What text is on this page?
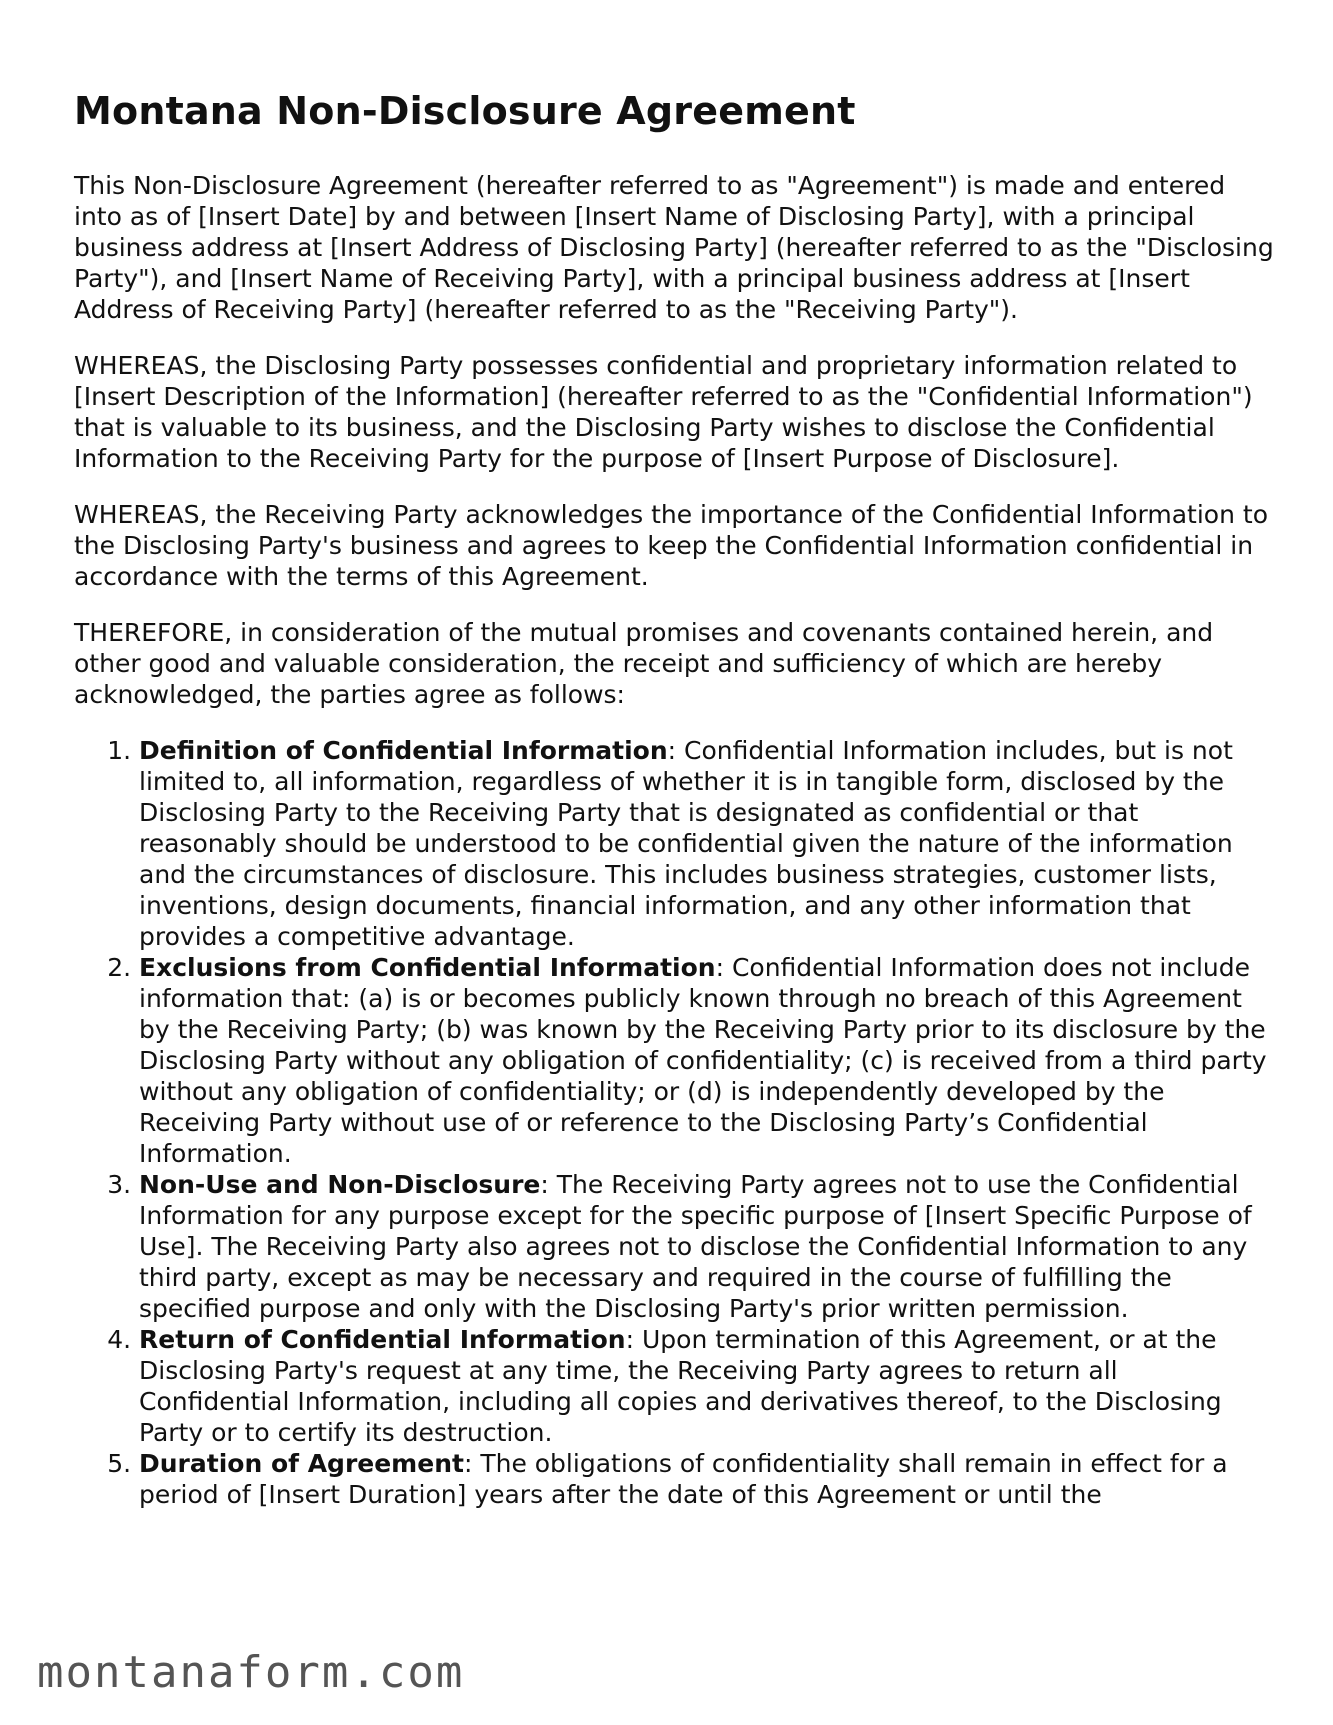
Montana Non-Disclosure Agreement

This Non-Disclosure Agreement (hereafter referred to as "Agreement") is made and entered into as of [Insert Date] by and between [Insert Name of Disclosing Party], with a principal business address at [Insert Address of Disclosing Party] (hereafter referred to as the "Disclosing Party"), and [Insert Name of Receiving Party], with a principal business address at [Insert Address of Receiving Party] (hereafter referred to as the "Receiving Party").

WHEREAS, the Disclosing Party possesses confidential and proprietary information related to [Insert Description of the Information] (hereafter referred to as the "Confidential Information") that is valuable to its business, and the Disclosing Party wishes to disclose the Confidential Information to the Receiving Party for the purpose of [Insert Purpose of Disclosure].

WHEREAS, the Receiving Party acknowledges the importance of the Confidential Information to the Disclosing Party's business and agrees to keep the Confidential Information confidential in accordance with the terms of this Agreement.

THEREFORE, in consideration of the mutual promises and covenants contained herein, and other good and valuable consideration, the receipt and sufficiency of which are hereby acknowledged, the parties agree as follows:

1. Definition of Confidential Information: Confidential Information includes, but is not limited to, all information, regardless of whether it is in tangible form, disclosed by the Disclosing Party to the Receiving Party that is designated as confidential or that reasonably should be understood to be confidential given the nature of the information and the circumstances of disclosure. This includes business strategies, customer lists, inventions, design documents, financial information, and any other information that provides a competitive advantage.
2. Exclusions from Confidential Information: Confidential Information does not include information that: (a) is or becomes publicly known through no breach of this Agreement by the Receiving Party; (b) was known by the Receiving Party prior to its disclosure by the Disclosing Party without any obligation of confidentiality; (c) is received from a third party without any obligation of confidentiality; or (d) is independently developed by the Receiving Party without use of or reference to the Disclosing Party’s Confidential Information.
3. Non-Use and Non-Disclosure: The Receiving Party agrees not to use the Confidential Information for any purpose except for the specific purpose of [Insert Specific Purpose of Use]. The Receiving Party also agrees not to disclose the Confidential Information to any third party, except as may be necessary and required in the course of fulfilling the specified purpose and only with the Disclosing Party's prior written permission.
4. Return of Confidential Information: Upon termination of this Agreement, or at the Disclosing Party's request at any time, the Receiving Party agrees to return all Confidential Information, including all copies and derivatives thereof, to the Disclosing Party or to certify its destruction.
5. Duration of Agreement: The obligations of confidentiality shall remain in effect for a period of [Insert Duration] years after the date of this Agreement or until the
montanaform.com
